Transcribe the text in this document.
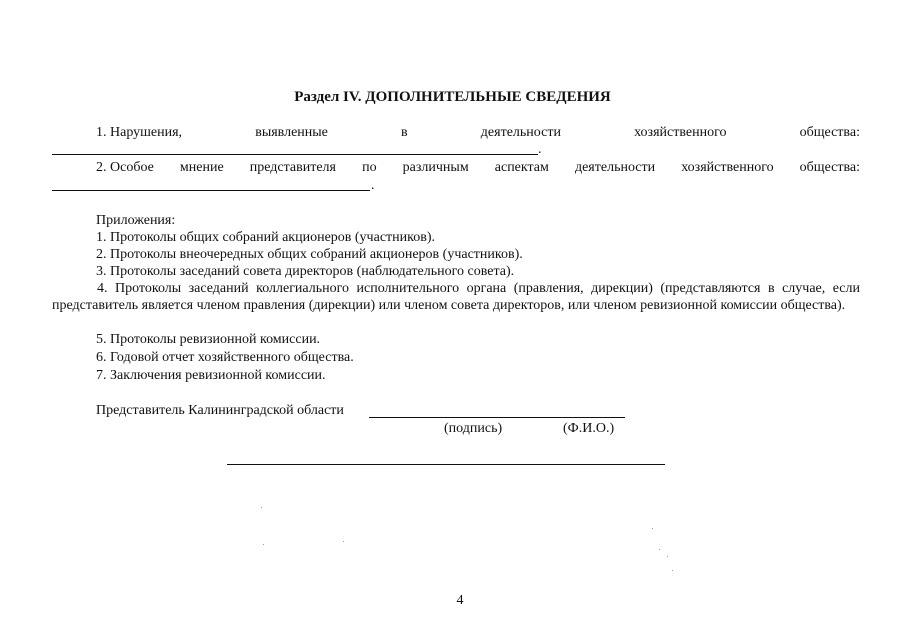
Раздел IV. ДОПОЛНИТЕЛЬНЫЕ СВЕДЕНИЯ
1. Нарушения,	выявленные	в	деятельности	хозяйственного	общества:
.
2. Особое мнение представителя по различным аспектам деятельности хозяйственного общества:
.
Приложения:
1. Протоколы общих собраний акционеров (участников).
2. Протоколы внеочередных общих собраний акционеров (участников).
3. Протоколы заседаний совета директоров (наблюдательного совета).

4. Протоколы заседаний коллегиального исполнительного органа (правления, дирекции) (представляются в случае, если представитель является членом правления (дирекции) или членом совета директоров, или членом ревизионной комиссии общества).

5. Протоколы ревизионной комиссии.
6. Годовой отчет хозяйственного общества.
7. Заключения ревизионной комиссии.
Представитель Калининградской области
(подпись)	(Ф.И.О.)
4
